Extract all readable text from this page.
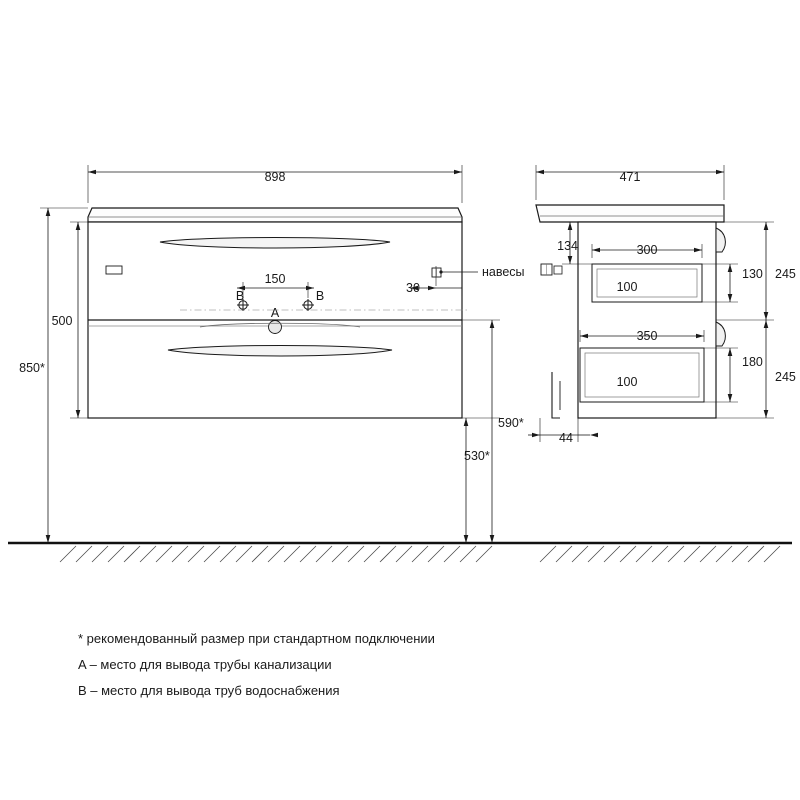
898
500
850*
150
30
590*
530*
B	B
A
навесы
471
134	300
100
130 245
350
100
180
245
44
* рекомендованный размер при стандартном подключении
A – место для вывода трубы канализации
B – место для вывода труб водоснабжения
